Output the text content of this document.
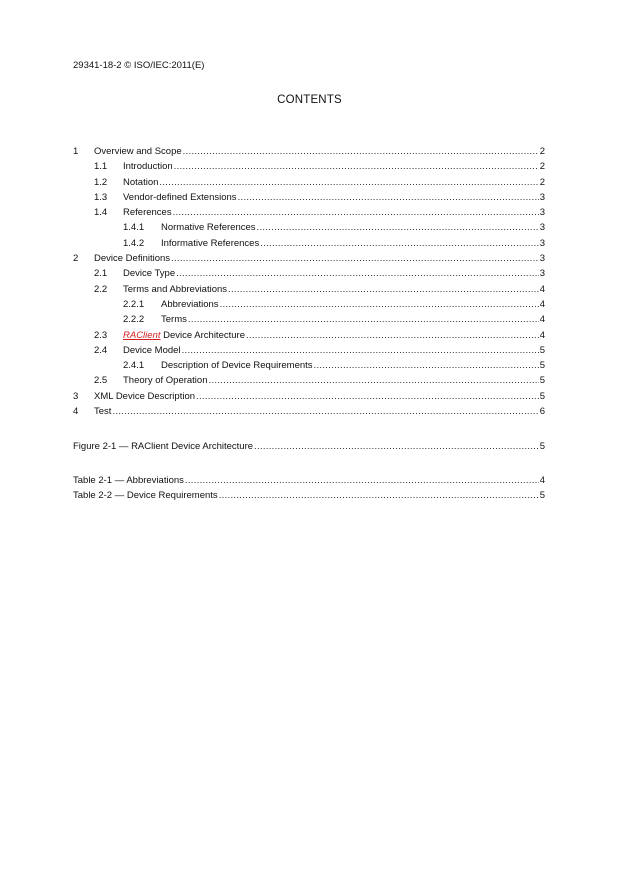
29341-18-2 © ISO/IEC:2011(E)
CONTENTS
1	Overview and Scope .....	2
1.1	Introduction .....	2
1.2	Notation .....	2
1.3	Vendor-defined Extensions .....	3
1.4	References .....	3
1.4.1	Normative References .....	3
1.4.2	Informative References .....	3
2	Device Definitions .....	3
2.1	Device Type .....	3
2.2	Terms and Abbreviations .....	4
2.2.1	Abbreviations .....	4
2.2.2	Terms .....	4
2.3	RAClient Device Architecture .....	4
2.4	Device Model .....	5
2.4.1	Description of Device Requirements .....	5
2.5	Theory of Operation .....	5
3	XML Device Description .....	5
4	Test .....	6
Figure 2-1 — RAClient Device Architecture .....	5
Table 2-1 — Abbreviations .....	4
Table 2-2 — Device Requirements .....	5
